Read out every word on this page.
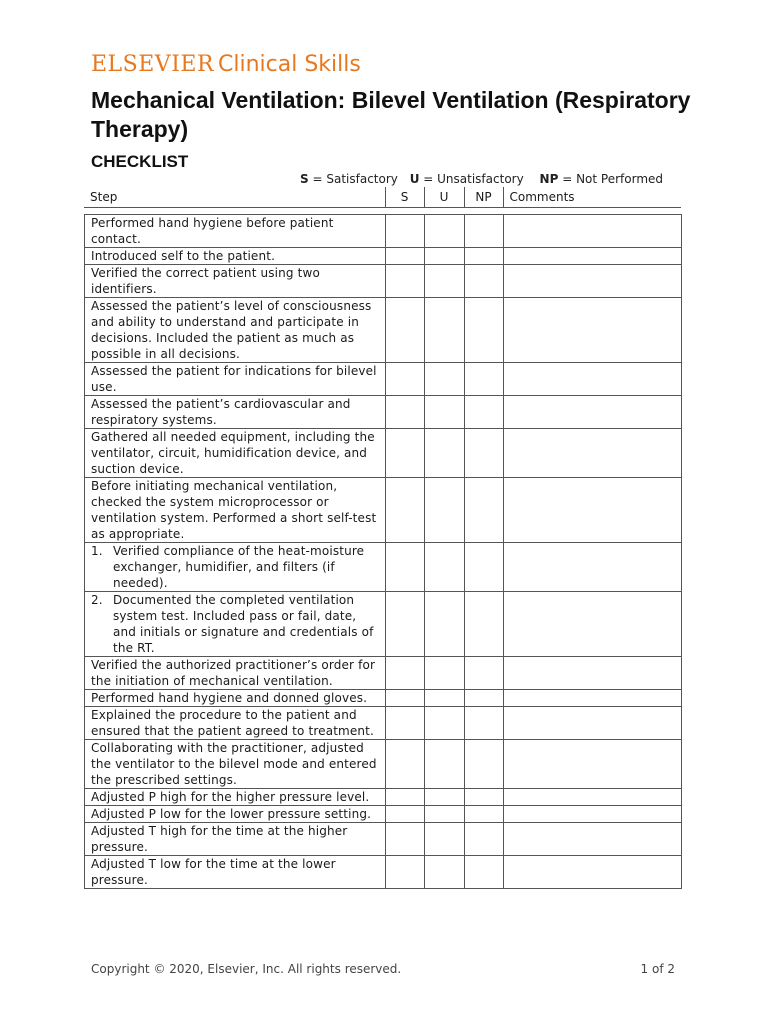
ELSEVIER Clinical Skills
Mechanical Ventilation: Bilevel Ventilation (Respiratory Therapy)
CHECKLIST
S = Satisfactory U = Unsatisfactory NP = Not Performed
Step	S	U	NP	Comments
Performed hand hygiene before patient contact.				
Introduced self to the patient.				
Verified the correct patient using two identifiers.				
Assessed the patient’s level of consciousness and ability to understand and participate in decisions. Included the patient as much as possible in all decisions.				
Assessed the patient for indications for bilevel use.				
Assessed the patient’s cardiovascular and respiratory systems.				
Gathered all needed equipment, including the ventilator, circuit, humidification device, and suction device.				
Before initiating mechanical ventilation, checked the system microprocessor or ventilation system. Performed a short self-test as appropriate.				

1. Verified compliance of the heat-moisture exchanger, humidifier, and filters (if needed).				

2. Documented the completed ventilation system test. Included pass or fail, date, and initials or signature and credentials of the RT.				

Verified the authorized practitioner’s order for the initiation of mechanical ventilation.				
Performed hand hygiene and donned gloves.				
Explained the procedure to the patient and ensured that the patient agreed to treatment.				
Collaborating with the practitioner, adjusted the ventilator to the bilevel mode and entered the prescribed settings.				
Adjusted P high for the higher pressure level.				
Adjusted P low for the lower pressure setting.				
Adjusted T high for the time at the higher pressure.				
Adjusted T low for the time at the lower pressure.				
Copyright © 2020, Elsevier, Inc. All rights reserved.	1 of 2
